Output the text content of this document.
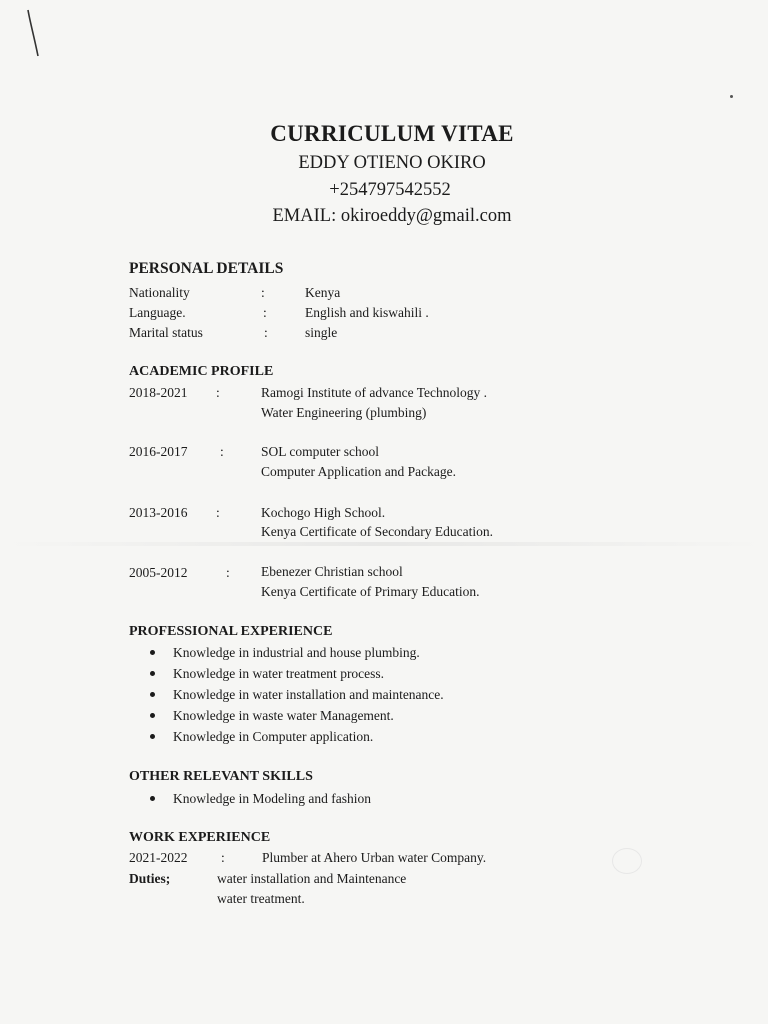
CURRICULUM VITAE
EDDY OTIENO OKIRO
+254797542552
EMAIL: okiroeddy@gmail.com
PERSONAL DETAILS
Nationality	:	Kenya
Language.	:	English and kiswahili .
Marital status	:	single
ACADEMIC PROFILE
2018-2021 :	Ramogi Institute of advance Technology .
Water Engineering (plumbing)
2016-2017 :	SOL computer school
Computer Application and Package.
2013-2016 :	Kochogo High School.
Kenya Certificate of Secondary Education.
2005-2012	: Ebenezer Christian school
Kenya Certificate of Primary Education.
PROFESSIONAL EXPERIENCE
Knowledge in industrial and house plumbing.
Knowledge in water treatment process.
Knowledge in water installation and maintenance.
Knowledge in waste water Management.
Knowledge in Computer application.
OTHER RELEVANT SKILLS
Knowledge in Modeling and fashion
WORK EXPERIENCE
2021-2022 :	Plumber at Ahero Urban water Company.
Duties;	water installation and Maintenance
water treatment.
